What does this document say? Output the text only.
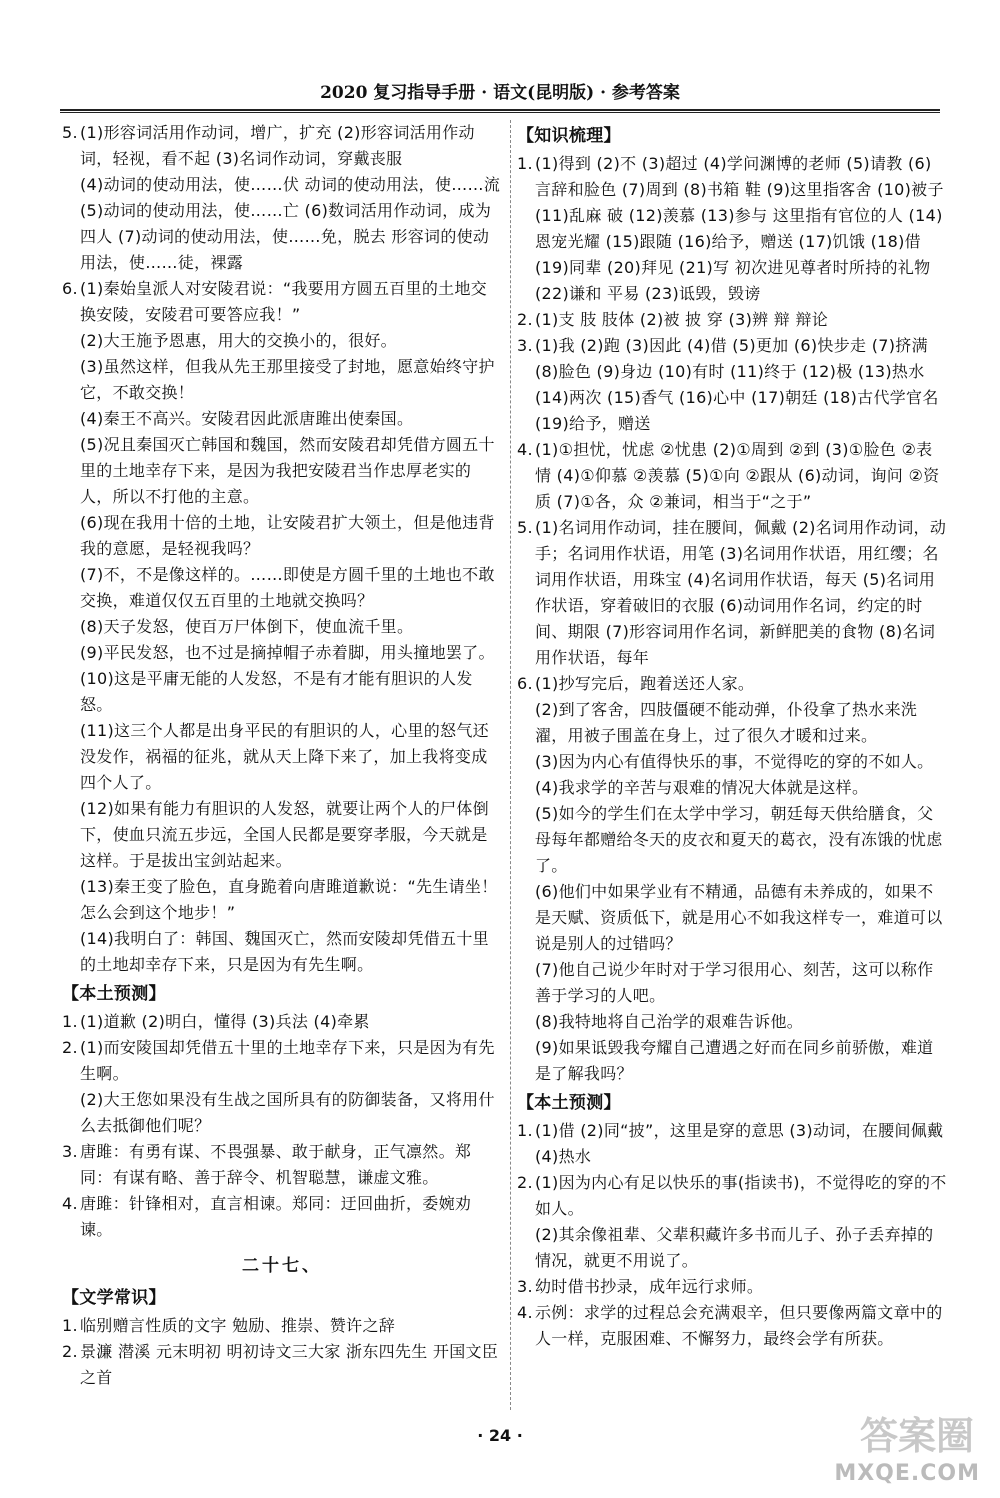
2020 复习指导手册 · 语文(昆明版) · 参考答案
5. (1)形容词活用作动词，增广，扩充 (2)形容词活用作动词，轻视，看不起 (3)名词作动词，穿戴丧服

(4)动词的使动用法，使……伏 动词的使动用法，使……流 (5)动词的使动用法，使……亡 (6)数词活用作动词，成为四人 (7)动词的使动用法，使……免，脱去 形容词的使动用法，使……徒，裸露

6. (1)秦始皇派人对安陵君说：“我要用方圆五百里的土地交换安陵，安陵君可要答应我！”

(2)大王施予恩惠，用大的交换小的，很好。

(3)虽然这样，但我从先王那里接受了封地，愿意始终守护它，不敢交换！

(4)秦王不高兴。安陵君因此派唐雎出使秦国。

(5)况且秦国灭亡韩国和魏国，然而安陵君却凭借方圆五十里的土地幸存下来，是因为我把安陵君当作忠厚老实的人，所以不打他的主意。

(6)现在我用十倍的土地，让安陵君扩大领土，但是他违背我的意愿，是轻视我吗？

(7)不，不是像这样的。……即使是方圆千里的土地也不敢交换，难道仅仅五百里的土地就交换吗？

(8)天子发怒，使百万尸体倒下，使血流千里。

(9)平民发怒，也不过是摘掉帽子赤着脚，用头撞地罢了。

(10)这是平庸无能的人发怒，不是有才能有胆识的人发怒。

(11)这三个人都是出身平民的有胆识的人，心里的怒气还没发作，祸福的征兆，就从天上降下来了，加上我将变成四个人了。

(12)如果有能力有胆识的人发怒，就要让两个人的尸体倒下，使血只流五步远，全国人民都是要穿孝服，今天就是这样。于是拔出宝剑站起来。

(13)秦王变了脸色，直身跪着向唐雎道歉说：“先生请坐！怎么会到这个地步！”

(14)我明白了：韩国、魏国灭亡，然而安陵却凭借五十里的土地却幸存下来，只是因为有先生啊。

【本土预测】
1. (1)道歉 (2)明白，懂得 (3)兵法 (4)牵累
2. (1)而安陵国却凭借五十里的土地幸存下来，只是因为有先生啊。

(2)大王您如果没有生战之国所具有的防御装备，又将用什么去抵御他们呢？

3. 唐雎：有勇有谋、不畏强暴、敢于献身，正气凛然。郑同：有谋有略、善于辞令、机智聪慧，谦虚文雅。
4. 唐雎：针锋相对，直言相谏。郑同：迂回曲折，委婉劝谏。
二十七、
【文学常识】
1. 临别赠言性质的文字 勉励、推崇、赞许之辞
2. 景濂 潜溪 元末明初 明初诗文三大家 浙东四先生 开国文臣之首
【知识梳理】
1. (1)得到 (2)不 (3)超过 (4)学问渊博的老师 (5)请教 (6)言辞和脸色 (7)周到 (8)书箱 鞋 (9)这里指客舍 (10)被子 (11)乱麻 破 (12)羡慕 (13)参与 这里指有官位的人 (14)恩宠光耀 (15)跟随 (16)给予，赠送 (17)饥饿 (18)借 (19)同辈 (20)拜见 (21)写 初次进见尊者时所持的礼物 (22)谦和 平易 (23)诋毁，毁谤
2. (1)支 肢 肢体 (2)被 披 穿 (3)辨 辩 辩论
3. (1)我 (2)跑 (3)因此 (4)借 (5)更加 (6)快步走 (7)挤满 (8)脸色 (9)身边 (10)有时 (11)终于 (12)极 (13)热水 (14)两次 (15)香气 (16)心中 (17)朝廷 (18)古代学官名 (19)给予，赠送
4. (1)①担忧，忧虑 ②忧患 (2)①周到 ②到 (3)①脸色 ②表情 (4)①仰慕 ②羡慕 (5)①向 ②跟从 (6)动词，询问 ②资质 (7)①各，众 ②兼词，相当于“之于”
5. (1)名词用作动词，挂在腰间，佩戴 (2)名词用作动词，动手；名词用作状语，用笔 (3)名词用作状语，用红缨；名词用作状语，用珠宝 (4)名词用作状语，每天 (5)名词用作状语，穿着破旧的衣服 (6)动词用作名词，约定的时间、期限 (7)形容词用作名词，新鲜肥美的食物 (8)名词用作状语，每年
6. (1)抄写完后，跑着送还人家。

(2)到了客舍，四肢僵硬不能动弹，仆役拿了热水来洗濯，用被子围盖在身上，过了很久才暖和过来。

(3)因为内心有值得快乐的事，不觉得吃的穿的不如人。

(4)我求学的辛苦与艰难的情况大体就是这样。

(5)如今的学生们在太学中学习，朝廷每天供给膳食，父母每年都赠给冬天的皮衣和夏天的葛衣，没有冻饿的忧虑了。

(6)他们中如果学业有不精通，品德有未养成的，如果不是天赋、资质低下，就是用心不如我这样专一，难道可以说是别人的过错吗？

(7)他自己说少年时对于学习很用心、刻苦，这可以称作善于学习的人吧。

(8)我特地将自己治学的艰难告诉他。

(9)如果诋毁我夸耀自己遭遇之好而在同乡前骄傲，难道是了解我吗？

【本土预测】
1. (1)借 (2)同“披”，这里是穿的意思 (3)动词，在腰间佩戴 (4)热水
2. (1)因为内心有足以快乐的事(指读书)，不觉得吃的穿的不如人。

(2)其余像祖辈、父辈积藏许多书而儿子、孙子丢弃掉的情况，就更不用说了。

3. 幼时借书抄录，成年远行求师。
4. 示例：求学的过程总会充满艰辛，但只要像两篇文章中的人一样，克服困难、不懈努力，最终会学有所获。
· 24 ·	答案圈
MXQE.COM
